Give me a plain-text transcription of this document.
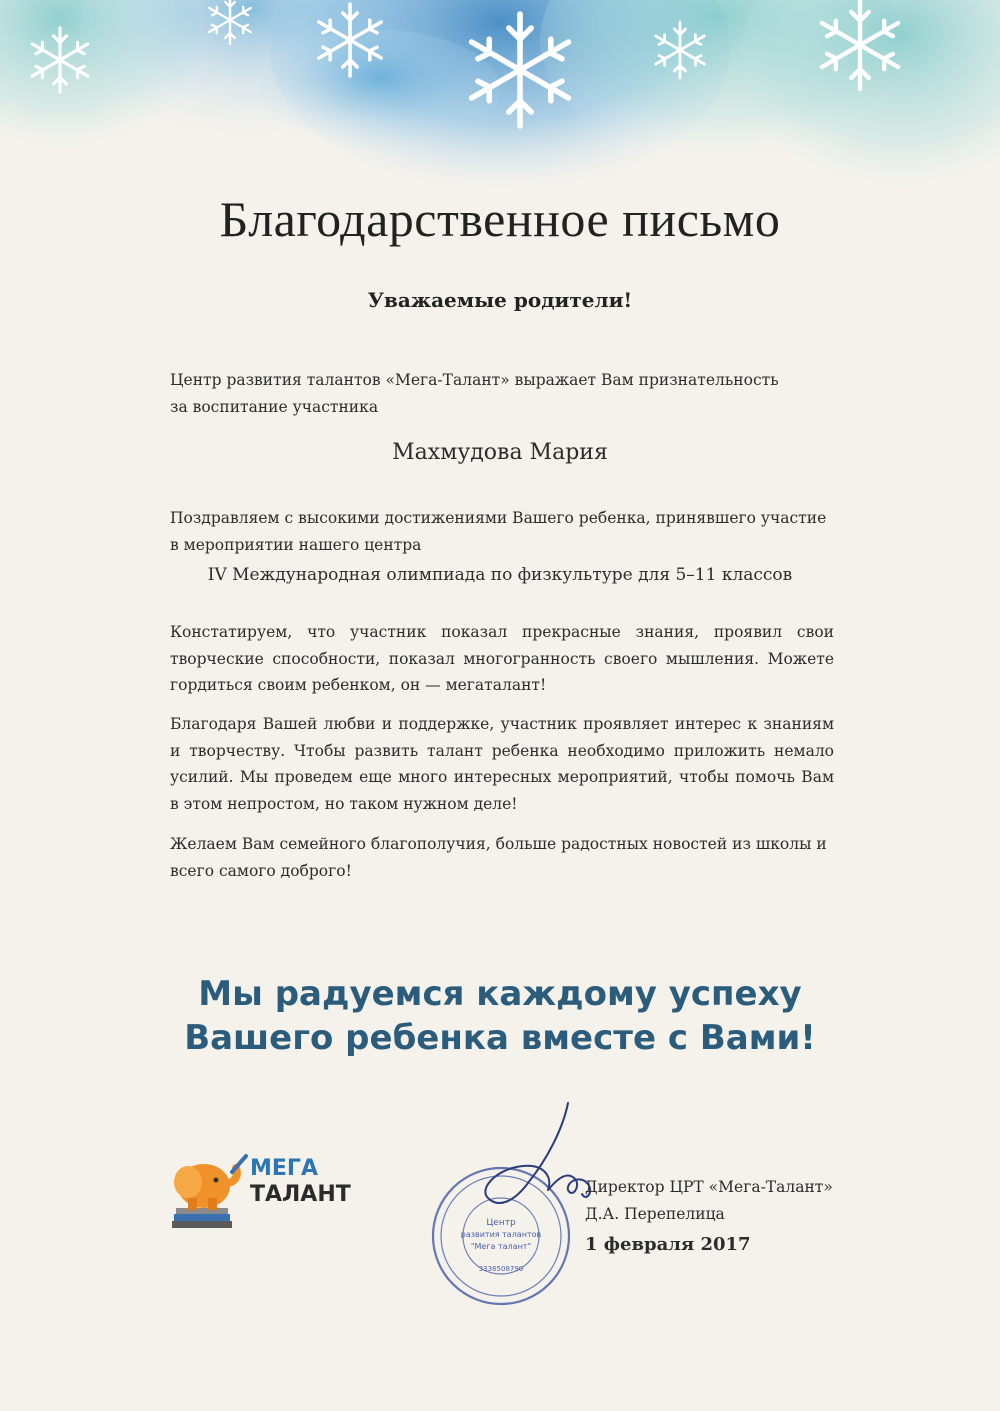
Благодарственное письмо
Уважаемые родители!
Центр развития талантов «Мега-Талант» выражает Вам признательность
за воспитание участника
Махмудова Мария
Поздравляем с высокими достижениями Вашего ребенка, принявшего участие в мероприятии нашего центра
IV Международная олимпиада по физкультуре для 5–11 классов
Констатируем, что участник показал прекрасные знания, проявил свои творческие способности, показал многогранность своего мышления. Можете гордиться своим ребенком, он — мегаталант!
Благодаря Вашей любви и поддержке, участник проявляет интерес к знаниям и творчеству. Чтобы развить талант ребенка необходимо приложить немало усилий. Мы проведем еще много интересных мероприятий, чтобы помочь Вам в этом непростом, но таком нужном деле!
Желаем Вам семейного благополучия, больше радостных новостей из школы и всего самого доброго!
Мы радуемся каждому успеху
Вашего ребенка вместе с Вами!
МЕГА
ТАЛАНТ
Центр
развития талантов
"Мега талант"
3336508790
Директор ЦРТ «Мега-Талант»
Д.А. Перепелица
1 февраля 2017
